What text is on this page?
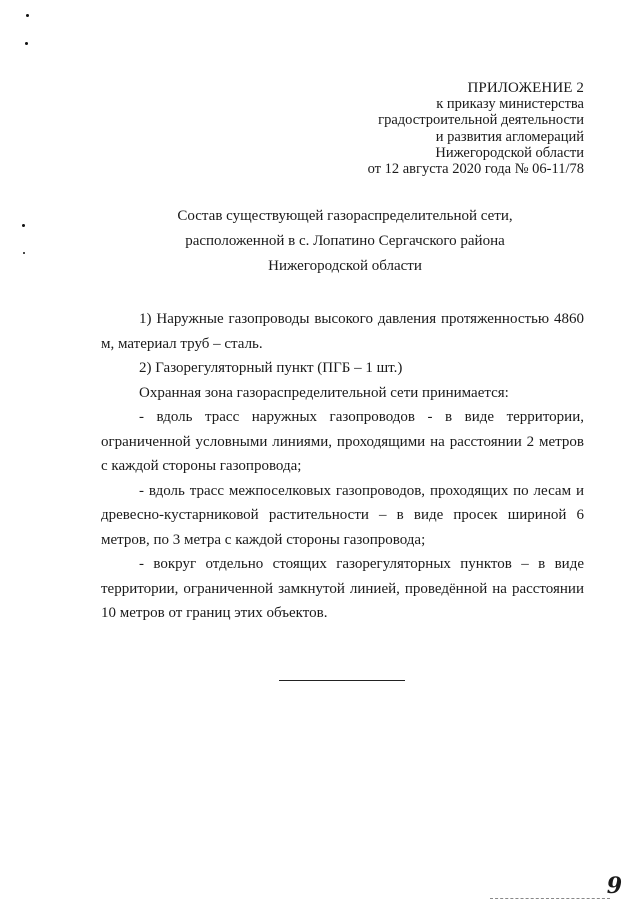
ПРИЛОЖЕНИЕ 2
к приказу министерства
градостроительной деятельности
и развития агломераций
Нижегородской области
от 12 августа 2020 года № 06-11/78
Состав существующей газораспределительной сети,
расположенной в с. Лопатино Сергачского района
Нижегородской области

1) Наружные газопроводы высокого давления протяженностью 4860 м, материал труб – сталь.

2) Газорегуляторный пункт (ПГБ – 1 шт.)

Охранная зона газораспределительной сети принимается:

- вдоль трасс наружных газопроводов - в виде территории, ограниченной условными линиями, проходящими на расстоянии 2 метров с каждой стороны газопровода;

- вдоль трасс межпоселковых газопроводов, проходящих по лесам и древесно-кустарниковой растительности – в виде просек шириной 6 метров, по 3 метра с каждой стороны газопровода;

- вокруг отдельно стоящих газорегуляторных пунктов – в виде территории, ограниченной замкнутой линией, проведённой на расстоянии 10 метров от границ этих объектов.

9
